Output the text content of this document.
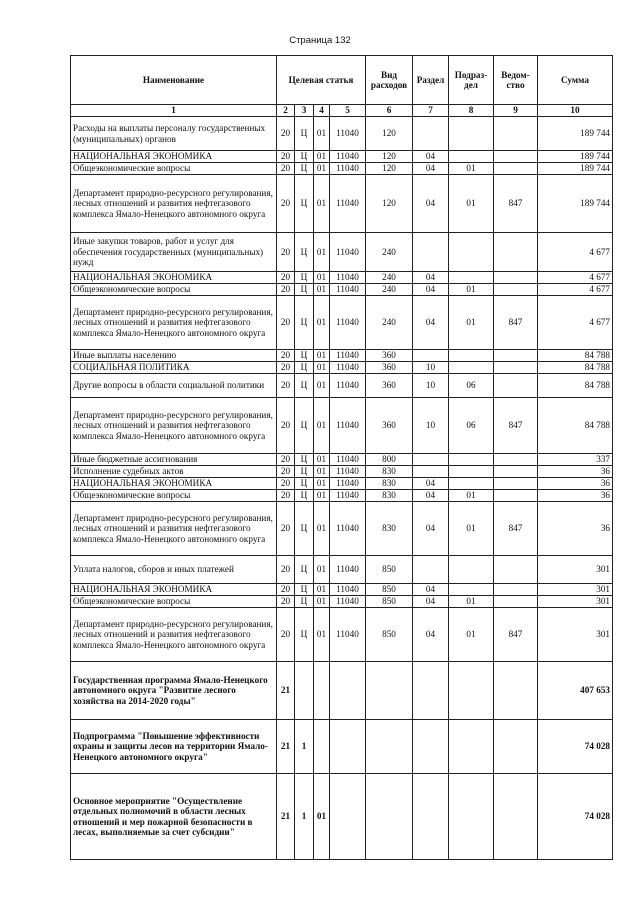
Страница 132
Наименование	Целевая статья				Вид расходов	Раздел	Подраз-дел	Ведом-ство	Сумма
1	2	3	4	5	6	7	8	9	10
Расходы на выплаты персоналу государственных (муниципальных) органов	20	Ц	01	11040	120				189 744
НАЦИОНАЛЬНАЯ ЭКОНОМИКА	20	Ц	01	11040	120	04			189 744
Общеэкономические вопросы	20	Ц	01	11040	120	04	01		189 744
Департамент природно-ресурсного регулирования, лесных отношений и развития нефтегазового комплекса Ямало-Ненецкого автономного округа	20	Ц	01	11040	120	04	01	847	189 744
Иные закупки товаров, работ и услуг для обеспечения государственных (муниципальных) нужд	20	Ц	01	11040	240				4 677
НАЦИОНАЛЬНАЯ ЭКОНОМИКА	20	Ц	01	11040	240	04			4 677
Общеэкономические вопросы	20	Ц	01	11040	240	04	01		4 677
Департамент природно-ресурсного регулирования, лесных отношений и развития нефтегазового комплекса Ямало-Ненецкого автономного округа	20	Ц	01	11040	240	04	01	847	4 677
Иные выплаты населению	20	Ц	01	11040	360				84 788
СОЦИАЛЬНАЯ ПОЛИТИКА	20	Ц	01	11040	360	10			84 788
Другие вопросы в области социальной политики	20	Ц	01	11040	360	10	06		84 788
Департамент природно-ресурсного регулирования, лесных отношений и развития нефтегазового комплекса Ямало-Ненецкого автономного округа	20	Ц	01	11040	360	10	06	847	84 788
Иные бюджетные ассигнования	20	Ц	01	11040	800				337
Исполнение судебных актов	20	Ц	01	11040	830				36
НАЦИОНАЛЬНАЯ ЭКОНОМИКА	20	Ц	01	11040	830	04			36
Общеэкономические вопросы	20	Ц	01	11040	830	04	01		36
Департамент природно-ресурсного регулирования, лесных отношений и развития нефтегазового комплекса Ямало-Ненецкого автономного округа	20	Ц	01	11040	830	04	01	847	36
Уплата налогов, сборов и иных платежей	20	Ц	01	11040	850				301
НАЦИОНАЛЬНАЯ ЭКОНОМИКА	20	Ц	01	11040	850	04			301
Общеэкономические вопросы	20	Ц	01	11040	850	04	01		301
Департамент природно-ресурсного регулирования, лесных отношений и развития нефтегазового комплекса Ямало-Ненецкого автономного округа	20	Ц	01	11040	850	04	01	847	301
Государственная программа Ямало-Ненецкого автономного округа "Развитие лесного хозяйства на 2014-2020 годы"	21								407 653
Подпрограмма "Повышение эффективности охраны и защиты лесов на территории Ямало-Ненецкого автономного округа"	21	1							74 028
Основное мероприятие "Осуществление отдельных полномочий в области лесных отношений и мер пожарной безопасности в лесах, выполняемые за счет субсидии"	21	1	01						74 028
